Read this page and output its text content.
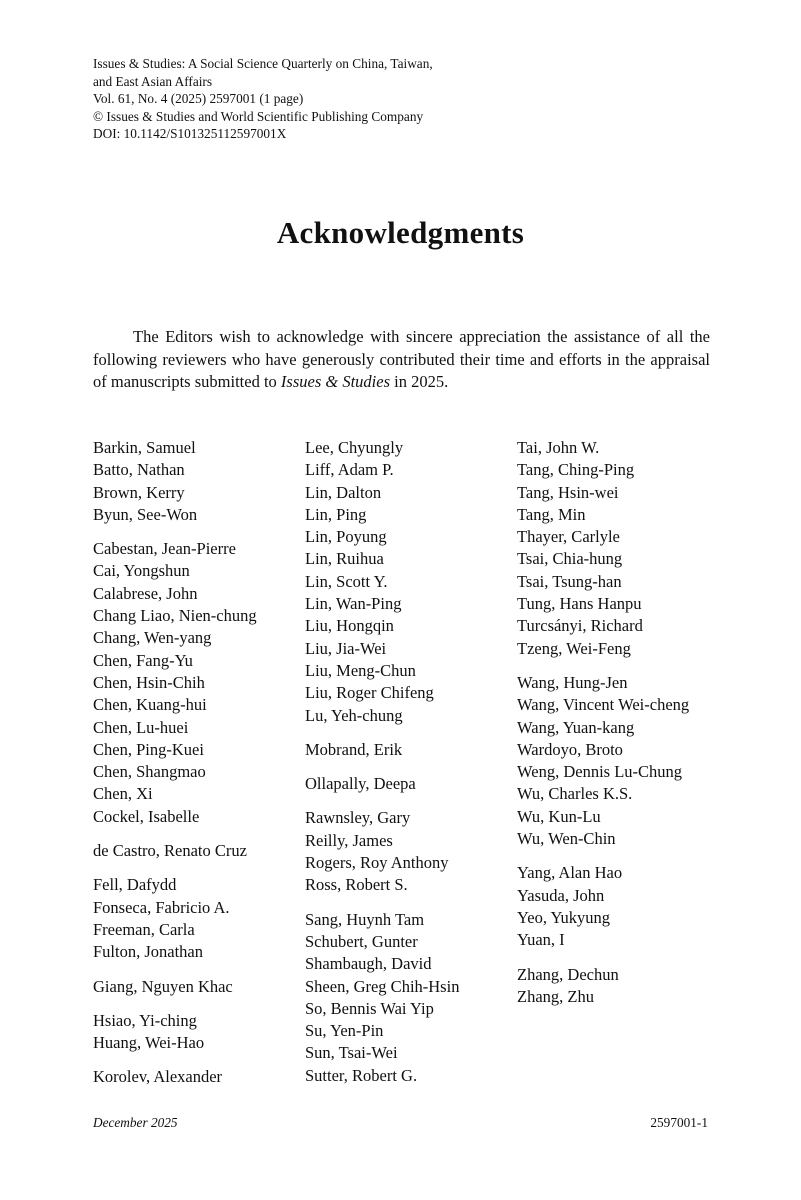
Issues & Studies: A Social Science Quarterly on China, Taiwan,
and East Asian Affairs
Vol. 61, No. 4 (2025) 2597001 (1 page)
© Issues & Studies and World Scientific Publishing Company
DOI: 10.1142/S101325112597001X
Acknowledgments

The Editors wish to acknowledge with sincere appreciation the assistance of all the following reviewers who have generously contributed their time and efforts in the appraisal of manuscripts submitted to Issues & Studies in 2025.

Barkin, Samuel
Batto, Nathan
Brown, Kerry
Byun, See-Won
Cabestan, Jean-Pierre
Cai, Yongshun
Calabrese, John
Chang Liao, Nien-chung
Chang, Wen-yang
Chen, Fang-Yu
Chen, Hsin-Chih
Chen, Kuang-hui
Chen, Lu-huei
Chen, Ping-Kuei
Chen, Shangmao
Chen, Xi
Cockel, Isabelle
de Castro, Renato Cruz
Fell, Dafydd
Fonseca, Fabricio A.
Freeman, Carla
Fulton, Jonathan
Giang, Nguyen Khac
Hsiao, Yi-ching
Huang, Wei-Hao
Korolev, Alexander
Lee, Chyungly
Liff, Adam P.
Lin, Dalton
Lin, Ping
Lin, Poyung
Lin, Ruihua
Lin, Scott Y.
Lin, Wan-Ping
Liu, Hongqin
Liu, Jia-Wei
Liu, Meng-Chun
Liu, Roger Chifeng
Lu, Yeh-chung
Mobrand, Erik
Ollapally, Deepa
Rawnsley, Gary
Reilly, James
Rogers, Roy Anthony
Ross, Robert S.
Sang, Huynh Tam
Schubert, Gunter
Shambaugh, David
Sheen, Greg Chih-Hsin
So, Bennis Wai Yip
Su, Yen-Pin
Sun, Tsai-Wei
Sutter, Robert G.
Tai, John W.
Tang, Ching-Ping
Tang, Hsin-wei
Tang, Min
Thayer, Carlyle
Tsai, Chia-hung
Tsai, Tsung-han
Tung, Hans Hanpu
Turcsányi, Richard
Tzeng, Wei-Feng
Wang, Hung-Jen
Wang, Vincent Wei-cheng
Wang, Yuan-kang
Wardoyo, Broto
Weng, Dennis Lu-Chung
Wu, Charles K.S.
Wu, Kun-Lu
Wu, Wen-Chin
Yang, Alan Hao
Yasuda, John
Yeo, Yukyung
Yuan, I
Zhang, Dechun
Zhang, Zhu
December 2025	2597001-1
